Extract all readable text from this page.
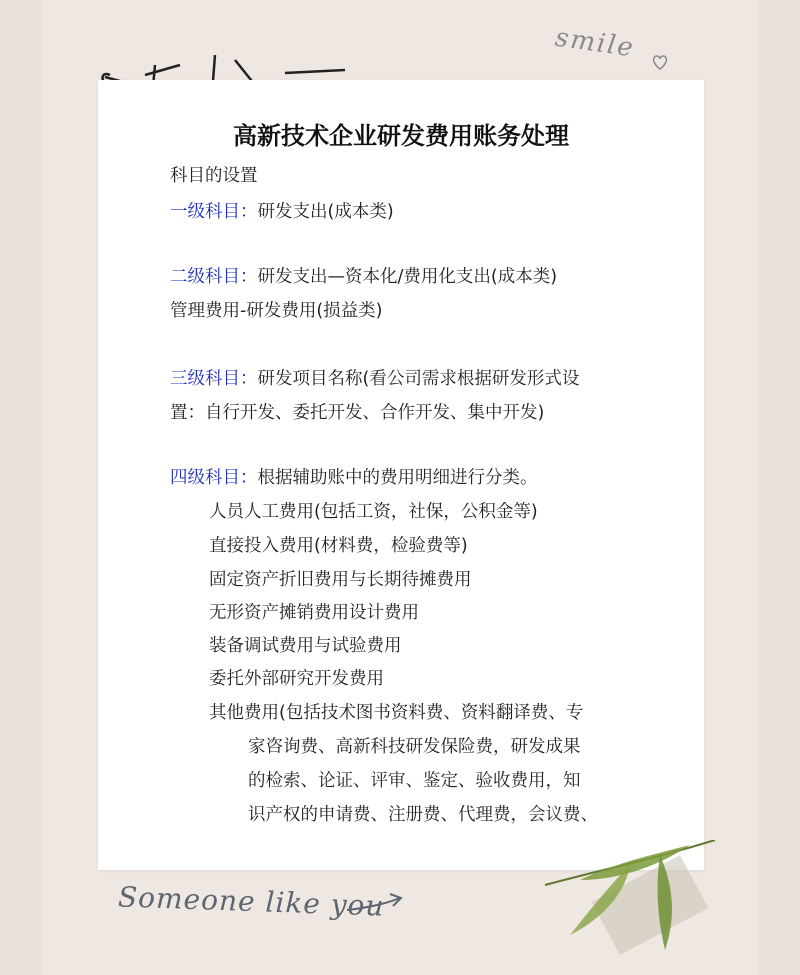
smile
高新技术企业研发费用账务处理
科目的设置
一级科目：研发支出(成本类)
二级科目：研发支出—资本化/费用化支出(成本类)
管理费用-研发费用(损益类)
三级科目：研发项目名称(看公司需求根据研发形式设
置：自行开发、委托开发、合作开发、集中开发)
四级科目：根据辅助账中的费用明细进行分类。
人员人工费用(包括工资，社保，公积金等)
直接投入费用(材料费，检验费等)
固定资产折旧费用与长期待摊费用
无形资产摊销费用设计费用
装备调试费用与试验费用
委托外部研究开发费用
其他费用(包括技术图书资料费、资料翻译费、专
家咨询费、高新科技研发保险费，研发成果
的检索、论证、评审、鉴定、验收费用，知
识产权的申请费、注册费、代理费，会议费、
Someone like you
